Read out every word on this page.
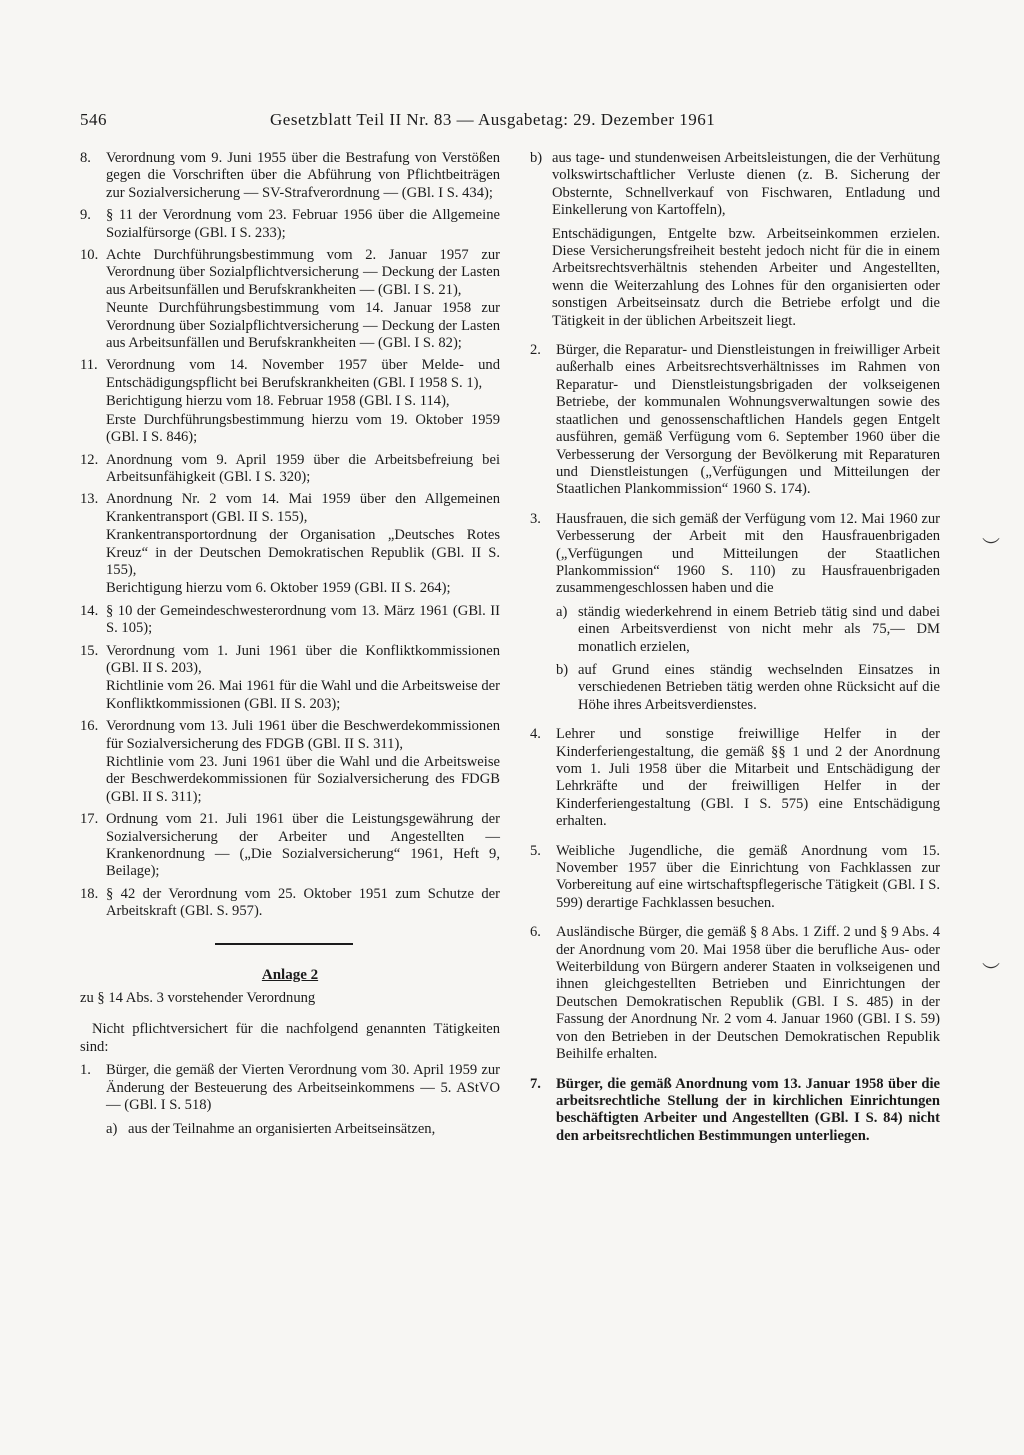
546	Gesetzblatt Teil II Nr. 83 — Ausgabetag: 29. Dezember 1961
8. Verordnung vom 9. Juni 1955 über die Bestrafung von Verstößen gegen die Vorschriften über die Abführung von Pflichtbeiträgen zur Sozialversicherung — SV-Strafverordnung — (GBl. I S. 434);
9. § 11 der Verordnung vom 23. Februar 1956 über die Allgemeine Sozialfürsorge (GBl. I S. 233);
10. Achte Durchführungsbestimmung vom 2. Januar 1957 zur Verordnung über Sozialpflichtversicherung — Deckung der Lasten aus Arbeitsunfällen und Berufskrankheiten — (GBl. I S. 21),
Neunte Durchführungsbestimmung vom 14. Januar 1958 zur Verordnung über Sozialpflichtversicherung — Deckung der Lasten aus Arbeitsunfällen und Berufskrankheiten — (GBl. I S. 82);
11. Verordnung vom 14. November 1957 über Melde- und Entschädigungspflicht bei Berufskrankheiten (GBl. I 1958 S. 1),
Berichtigung hierzu vom 18. Februar 1958 (GBl. I S. 114),
Erste Durchführungsbestimmung hierzu vom 19. Oktober 1959 (GBl. I S. 846);
12. Anordnung vom 9. April 1959 über die Arbeitsbefreiung bei Arbeitsunfähigkeit (GBl. I S. 320);
13. Anordnung Nr. 2 vom 14. Mai 1959 über den Allgemeinen Krankentransport (GBl. II S. 155),
Krankentransportordnung der Organisation „Deutsches Rotes Kreuz“ in der Deutschen Demokratischen Republik (GBl. II S. 155),
Berichtigung hierzu vom 6. Oktober 1959 (GBl. II S. 264);
14. § 10 der Gemeindeschwesterordnung vom 13. März 1961 (GBl. II S. 105);
15. Verordnung vom 1. Juni 1961 über die Konfliktkommissionen (GBl. II S. 203),
Richtlinie vom 26. Mai 1961 für die Wahl und die Arbeitsweise der Konfliktkommissionen (GBl. II S. 203);
16. Verordnung vom 13. Juli 1961 über die Beschwerdekommissionen für Sozialversicherung des FDGB (GBl. II S. 311),
Richtlinie vom 23. Juni 1961 über die Wahl und die Arbeitsweise der Beschwerdekommissionen für Sozialversicherung des FDGB (GBl. II S. 311);
17. Ordnung vom 21. Juli 1961 über die Leistungsgewährung der Sozialversicherung der Arbeiter und Angestellten — Krankenordnung — („Die Sozialversicherung“ 1961, Heft 9, Beilage);
18. § 42 der Verordnung vom 25. Oktober 1951 zum Schutze der Arbeitskraft (GBl. S. 957).
Anlage 2
zu § 14 Abs. 3 vorstehender Verordnung
Nicht pflichtversichert für die nachfolgend genannten Tätigkeiten sind:
1. Bürger, die gemäß der Vierten Verordnung vom 30. April 1959 zur Änderung der Besteuerung des Arbeitseinkommens — 5. AStVO — (GBl. I S. 518)
a) aus der Teilnahme an organisierten Arbeitseinsätzen,
b) aus tage- und stundenweisen Arbeitsleistungen, die der Verhütung volkswirtschaftlicher Verluste dienen (z. B. Sicherung der Obsternte, Schnellverkauf von Fischwaren, Entladung und Einkellerung von Kartoffeln),
Entschädigungen, Entgelte bzw. Arbeitseinkommen erzielen. Diese Versicherungsfreiheit besteht jedoch nicht für die in einem Arbeitsrechtsverhältnis stehenden Arbeiter und Angestellten, wenn die Weiterzahlung des Lohnes für den organisierten oder sonstigen Arbeitseinsatz durch die Betriebe erfolgt und die Tätigkeit in der üblichen Arbeitszeit liegt.
2. Bürger, die Reparatur- und Dienstleistungen in freiwilliger Arbeit außerhalb eines Arbeitsrechtsverhältnisses im Rahmen von Reparatur- und Dienstleistungsbrigaden der volkseigenen Betriebe, der kommunalen Wohnungsverwaltungen sowie des staatlichen und genossenschaftlichen Handels gegen Entgelt ausführen, gemäß Verfügung vom 6. September 1960 über die Verbesserung der Versorgung der Bevölkerung mit Reparaturen und Dienstleistungen („Verfügungen und Mitteilungen der Staatlichen Plankommission“ 1960 S. 174).
3. Hausfrauen, die sich gemäß der Verfügung vom 12. Mai 1960 zur Verbesserung der Arbeit mit den Hausfrauenbrigaden („Verfügungen und Mitteilungen der Staatlichen Plankommission“ 1960 S. 110) zu Hausfrauenbrigaden zusammengeschlossen haben und die
a) ständig wiederkehrend in einem Betrieb tätig sind und dabei einen Arbeitsverdienst von nicht mehr als 75,— DM monatlich erzielen,
b) auf Grund eines ständig wechselnden Einsatzes in verschiedenen Betrieben tätig werden ohne Rücksicht auf die Höhe ihres Arbeitsverdienstes.
4. Lehrer und sonstige freiwillige Helfer in der Kinderferiengestaltung, die gemäß §§ 1 und 2 der Anordnung vom 1. Juli 1958 über die Mitarbeit und Entschädigung der Lehrkräfte und der freiwilligen Helfer in der Kinderferiengestaltung (GBl. I S. 575) eine Entschädigung erhalten.
5. Weibliche Jugendliche, die gemäß Anordnung vom 15. November 1957 über die Einrichtung von Fachklassen zur Vorbereitung auf eine wirtschaftspflegerische Tätigkeit (GBl. I S. 599) derartige Fachklassen besuchen.
6. Ausländische Bürger, die gemäß § 8 Abs. 1 Ziff. 2 und § 9 Abs. 4 der Anordnung vom 20. Mai 1958 über die berufliche Aus- oder Weiterbildung von Bürgern anderer Staaten in volkseigenen und ihnen gleichgestellten Betrieben und Einrichtungen der Deutschen Demokratischen Republik (GBl. I S. 485) in der Fassung der Anordnung Nr. 2 vom 4. Januar 1960 (GBl. I S. 59) von den Betrieben in der Deutschen Demokratischen Republik Beihilfe erhalten.
7. Bürger, die gemäß Anordnung vom 13. Januar 1958 über die arbeitsrechtliche Stellung der in kirchlichen Einrichtungen beschäftigten Arbeiter und Angestellten (GBl. I S. 84) nicht den arbeitsrechtlichen Bestimmungen unterliegen.
︶
︶
